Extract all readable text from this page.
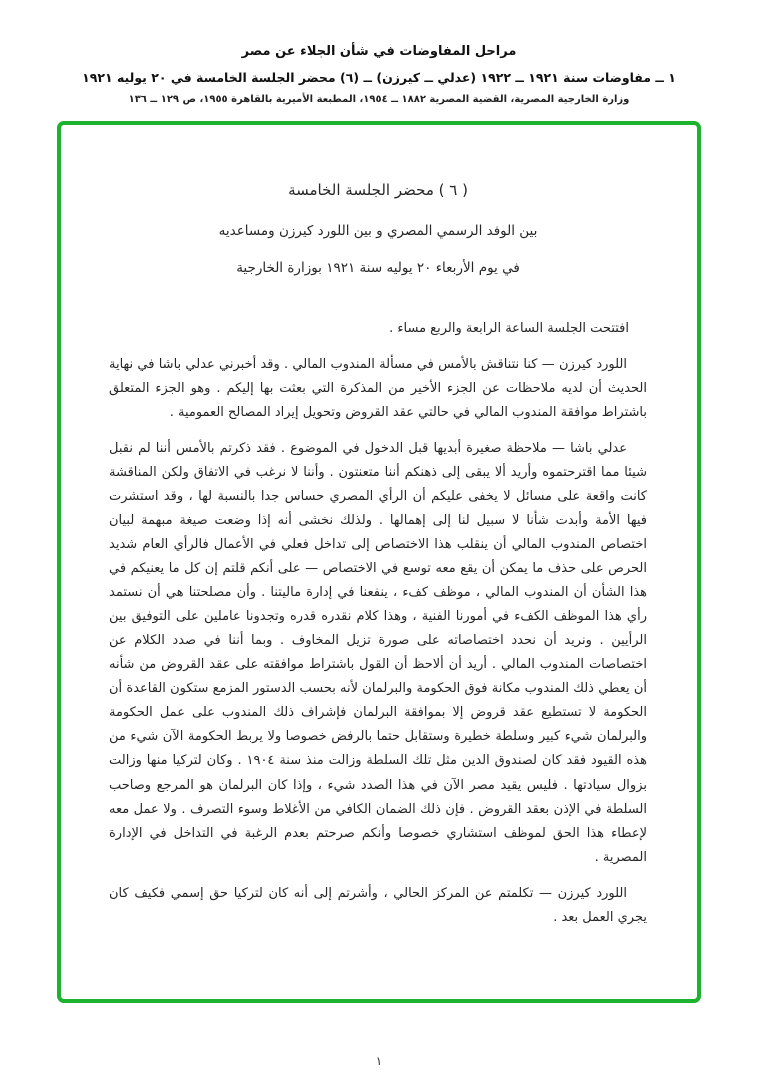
مراحل المفاوضات في شأن الجلاء عن مصر
١ ــ مفاوضات سنة ١٩٢١ ــ ١٩٢٢ (عدلي ــ كيرزن) ــ (٦) محضر الجلسة الخامسة في ٢٠ يوليه ١٩٢١
وزارة الخارجية المصرية، القضية المصرية ١٨٨٢ ــ ١٩٥٤، المطبعة الأميرية بالقاهرة ١٩٥٥، ص ١٢٩ ــ ١٣٦
( ٦ ) محضر الجلسة الخامسة
بين الوفد الرسمي المصري و بين اللورد كيرزن ومساعديه
في يوم الأربعاء ٢٠ يوليه سنة ١٩٢١ بوزارة الخارجية
افتتحت الجلسة الساعة الرابعة والربع مساء .

اللورد كيرزن — كنا نتناقش بالأمس في مسألة المندوب المالي . وقد أخبرني عدلي باشا في نهاية الحديث أن لديه ملاحظات عن الجزء الأخير من المذكرة التي بعثت بها إليكم . وهو الجزء المتعلق باشتراط موافقة المندوب المالي في حالتي عقد القروض وتحويل إيراد المصالح العمومية .

عدلي باشا — ملاحظة صغيرة أبديها قبل الدخول في الموضوع . فقد ذكرتم بالأمس أننا لم نقبل شيئا مما اقترحتموه وأريد ألا يبقى إلى ذهنكم أننا متعنتون . وأننا لا نرغب في الاتفاق ولكن المناقشة كانت واقعة على مسائل لا يخفى عليكم أن الرأي المصري حساس جدا بالنسبة لها ، وقد استشرت فيها الأمة وأبدت شأنا لا سبيل لنا إلى إهمالها . ولذلك نخشى أنه إذا وضعت صيغة مبهمة لبيان اختصاص المندوب المالي أن ينقلب هذا الاختصاص إلى تداخل فعلي في الأعمال فالرأي العام شديد الحرص على حذف ما يمكن أن يقع معه توسع في الاختصاص — على أنكم قلتم إن كل ما يعنيكم في هذا الشأن أن المندوب المالي ، موظف كفء ، ينفعنا في إدارة ماليتنا . وأن مصلحتنا هي أن نستمد رأي هذا الموظف الكفء في أمورنا الفنية ، وهذا كلام نقدره قدره وتجدونا عاملين على التوفيق بين الرأيين . ونريد أن نحدد اختصاصاته على صورة تزيل المخاوف . وبما أننا في صدد الكلام عن اختصاصات المندوب المالي . أريد أن ألاحظ أن القول باشتراط موافقته على عقد القروض من شأنه أن يعطي ذلك المندوب مكانة فوق الحكومة والبرلمان لأنه بحسب الدستور المزمع ستكون القاعدة أن الحكومة لا تستطيع عقد قروض إلا بموافقة البرلمان فإشراف ذلك المندوب على عمل الحكومة والبرلمان شيء كبير وسلطة خطيرة وستقابل حتما بالرفض خصوصا ولا يربط الحكومة الآن شيء من هذه القيود فقد كان لصندوق الدين مثل تلك السلطة وزالت منذ سنة ١٩٠٤ . وكان لتركيا منها وزالت بزوال سيادتها . فليس يقيد مصر الآن في هذا الصدد شيء ، وإذا كان البرلمان هو المرجع وصاحب السلطة في الإذن بعقد القروض . فإن ذلك الضمان الكافي من الأغلاط وسوء التصرف . ولا عمل معه لإعطاء هذا الحق لموظف استشاري خصوصا وأنكم صرحتم بعدم الرغبة في التداخل في الإدارة المصرية .

اللورد كيرزن — تكلمتم عن المركز الحالي ، وأشرتم إلى أنه كان لتركيا حق إسمي فكيف كان يجري العمل بعد .

١
